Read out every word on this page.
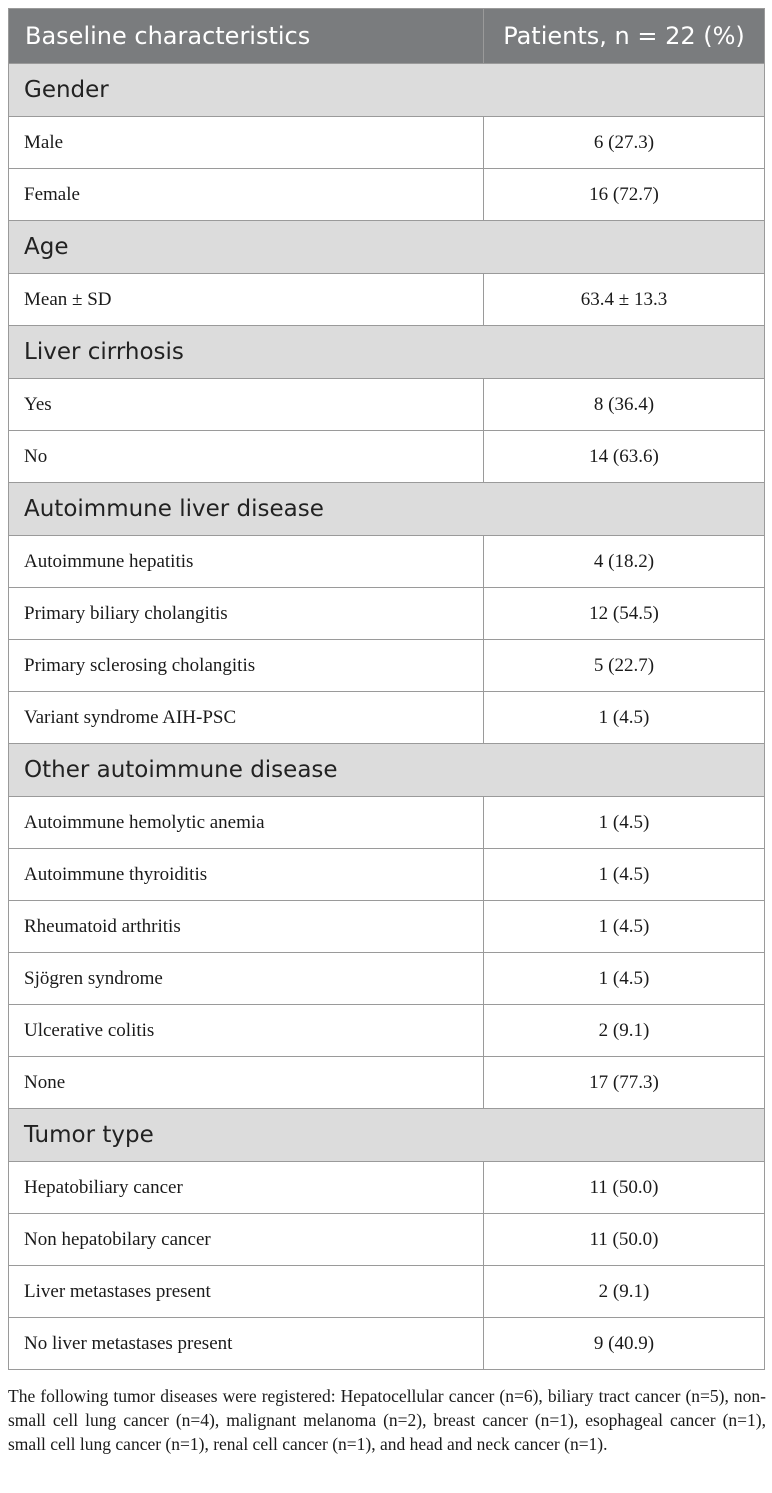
Baseline characteristics	Patients, n = 22 (%)
Gender	
Male	6 (27.3)
Female	16 (72.7)
Age	
Mean ± SD	63.4 ± 13.3
Liver cirrhosis	
Yes	8 (36.4)
No	14 (63.6)
Autoimmune liver disease	
Autoimmune hepatitis	4 (18.2)
Primary biliary cholangitis	12 (54.5)
Primary sclerosing cholangitis	5 (22.7)
Variant syndrome AIH-PSC	1 (4.5)
Other autoimmune disease	
Autoimmune hemolytic anemia	1 (4.5)
Autoimmune thyroiditis	1 (4.5)
Rheumatoid arthritis	1 (4.5)
Sjögren syndrome	1 (4.5)
Ulcerative colitis	2 (9.1)
None	17 (77.3)
Tumor type	
Hepatobiliary cancer	11 (50.0)
Non hepatobilary cancer	11 (50.0)
Liver metastases present	2 (9.1)
No liver metastases present	9 (40.9)
The following tumor diseases were registered: Hepatocellular cancer (n=6), biliary tract cancer (n=5), non-small cell lung cancer (n=4), malignant melanoma (n=2), breast cancer (n=1), esophageal cancer (n=1), small cell lung cancer (n=1), renal cell cancer (n=1), and head and neck cancer (n=1).
